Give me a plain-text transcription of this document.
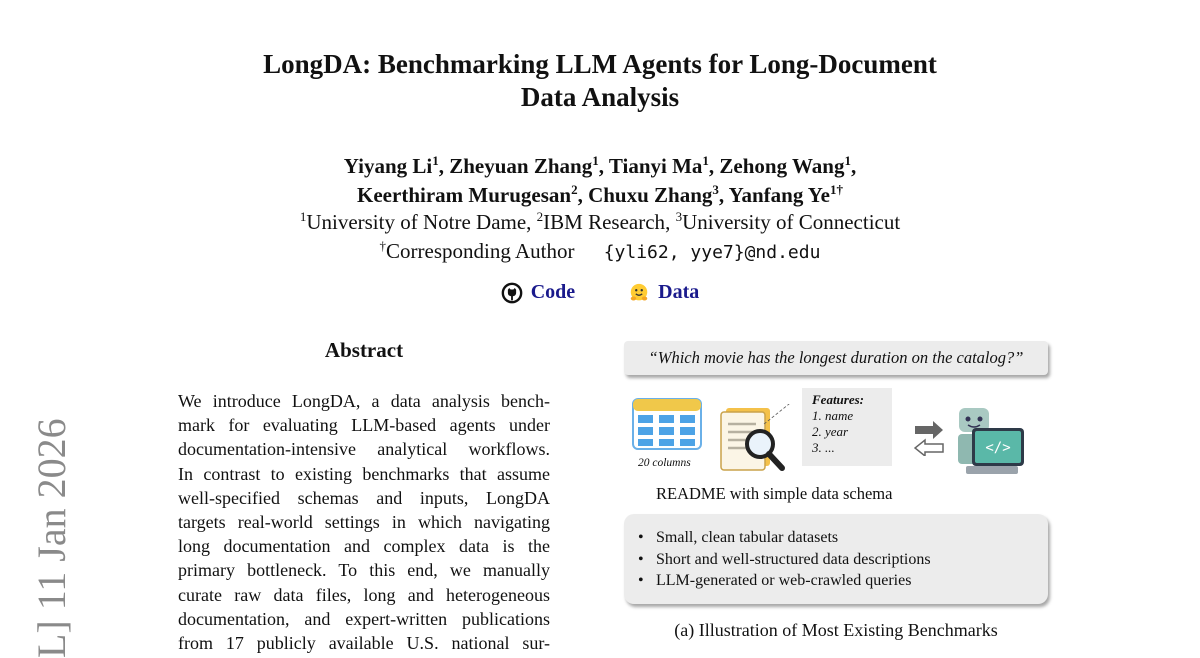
L] 11 Jan 2026
LongDA: Benchmarking LLM Agents for Long-Document
Data Analysis
Yiyang Li$^1$, Zheyuan Zhang$^1$, Tianyi Ma$^1$, Zehong Wang$^1$,
Keerthiram Murugesan$^2$, Chuxu Zhang$^3$, Yanfang $Ye^{1\dagger}$
$^1$University of Notre Dame, $^2$IBM Research, $^3$University of Connecticut
†Corresponding Author {yli62, yye7}@nd.edu
Code
	Data
Abstract
We introduce LongDA, a data analysis bench-
mark for evaluating LLM-based agents under
documentation-intensive analytical workflows.
In contrast to existing benchmarks that assume
well-specified schemas and inputs, LongDA
targets real-world settings in which navigating
long documentation and complex data is the
primary bottleneck. To this end, we manually
curate raw data files, long and heterogeneous
documentation, and expert-written publications
from 17 publicly available U.S. national sur-
“Which movie has the longest duration on the catalog?”
20 columns
Features:
1. name
2. year
3. ...	</>
README with simple data schema
• Small, clean tabular datasets
• Short and well-structured data descriptions
• LLM-generated or web-crawled queries
(a) Illustration of Most Existing Benchmarks
